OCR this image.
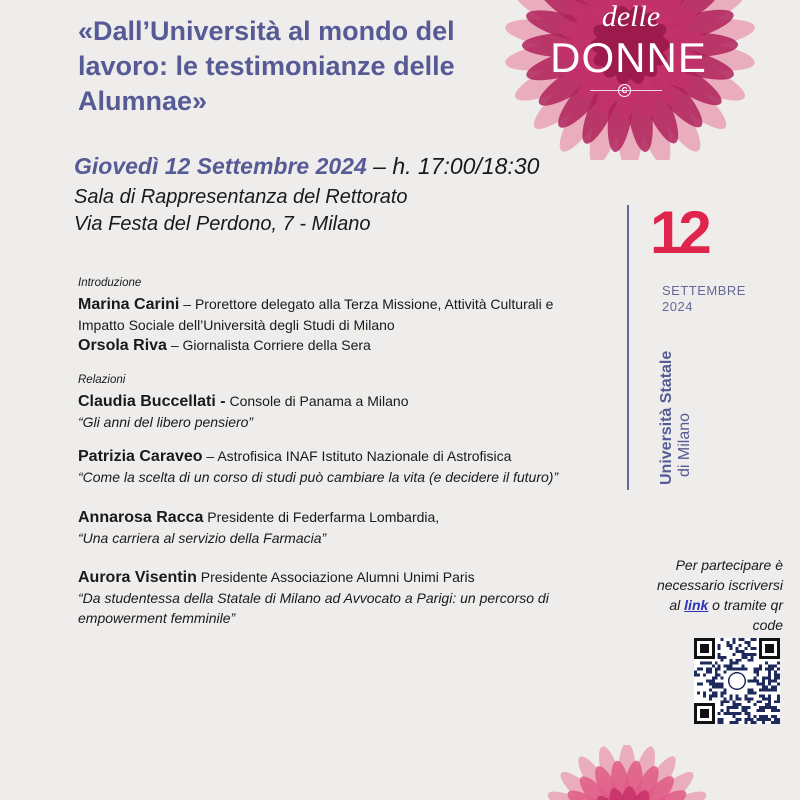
delle
DONNE
C
«Dall’Università al mondo del lavoro: le testimonianze delle Alumnae»
Giovedì 12 Settembre 2024 – h. 17:00/18:30
Sala di Rappresentanza del Rettorato
Via Festa del Perdono, 7 - Milano	12
SETTEMBRE
2024
Università Statale di Milano
Introduzione
Marina Carini – Prorettore delegato alla Terza Missione, Attività Culturali e Impatto Sociale dell’Università degli Studi di Milano
Orsola Riva – Giornalista Corriere della Sera
Relazioni
Claudia Buccellati - Console di Panama a Milano
“Gli anni del libero pensiero”
Patrizia Caraveo – Astrofisica INAF Istituto Nazionale di Astrofisica
“Come la scelta di un corso di studi può cambiare la vita (e decidere il futuro)”
Annarosa Racca Presidente di Federfarma Lombardia,
“Una carriera al servizio della Farmacia”
Aurora Visentin Presidente Associazione Alumni Unimi Paris
“Da studentessa della Statale di Milano ad Avvocato a Parigi: un percorso di empowerment femminile”
Per partecipare è necessario iscriversi al link o tramite qr code
